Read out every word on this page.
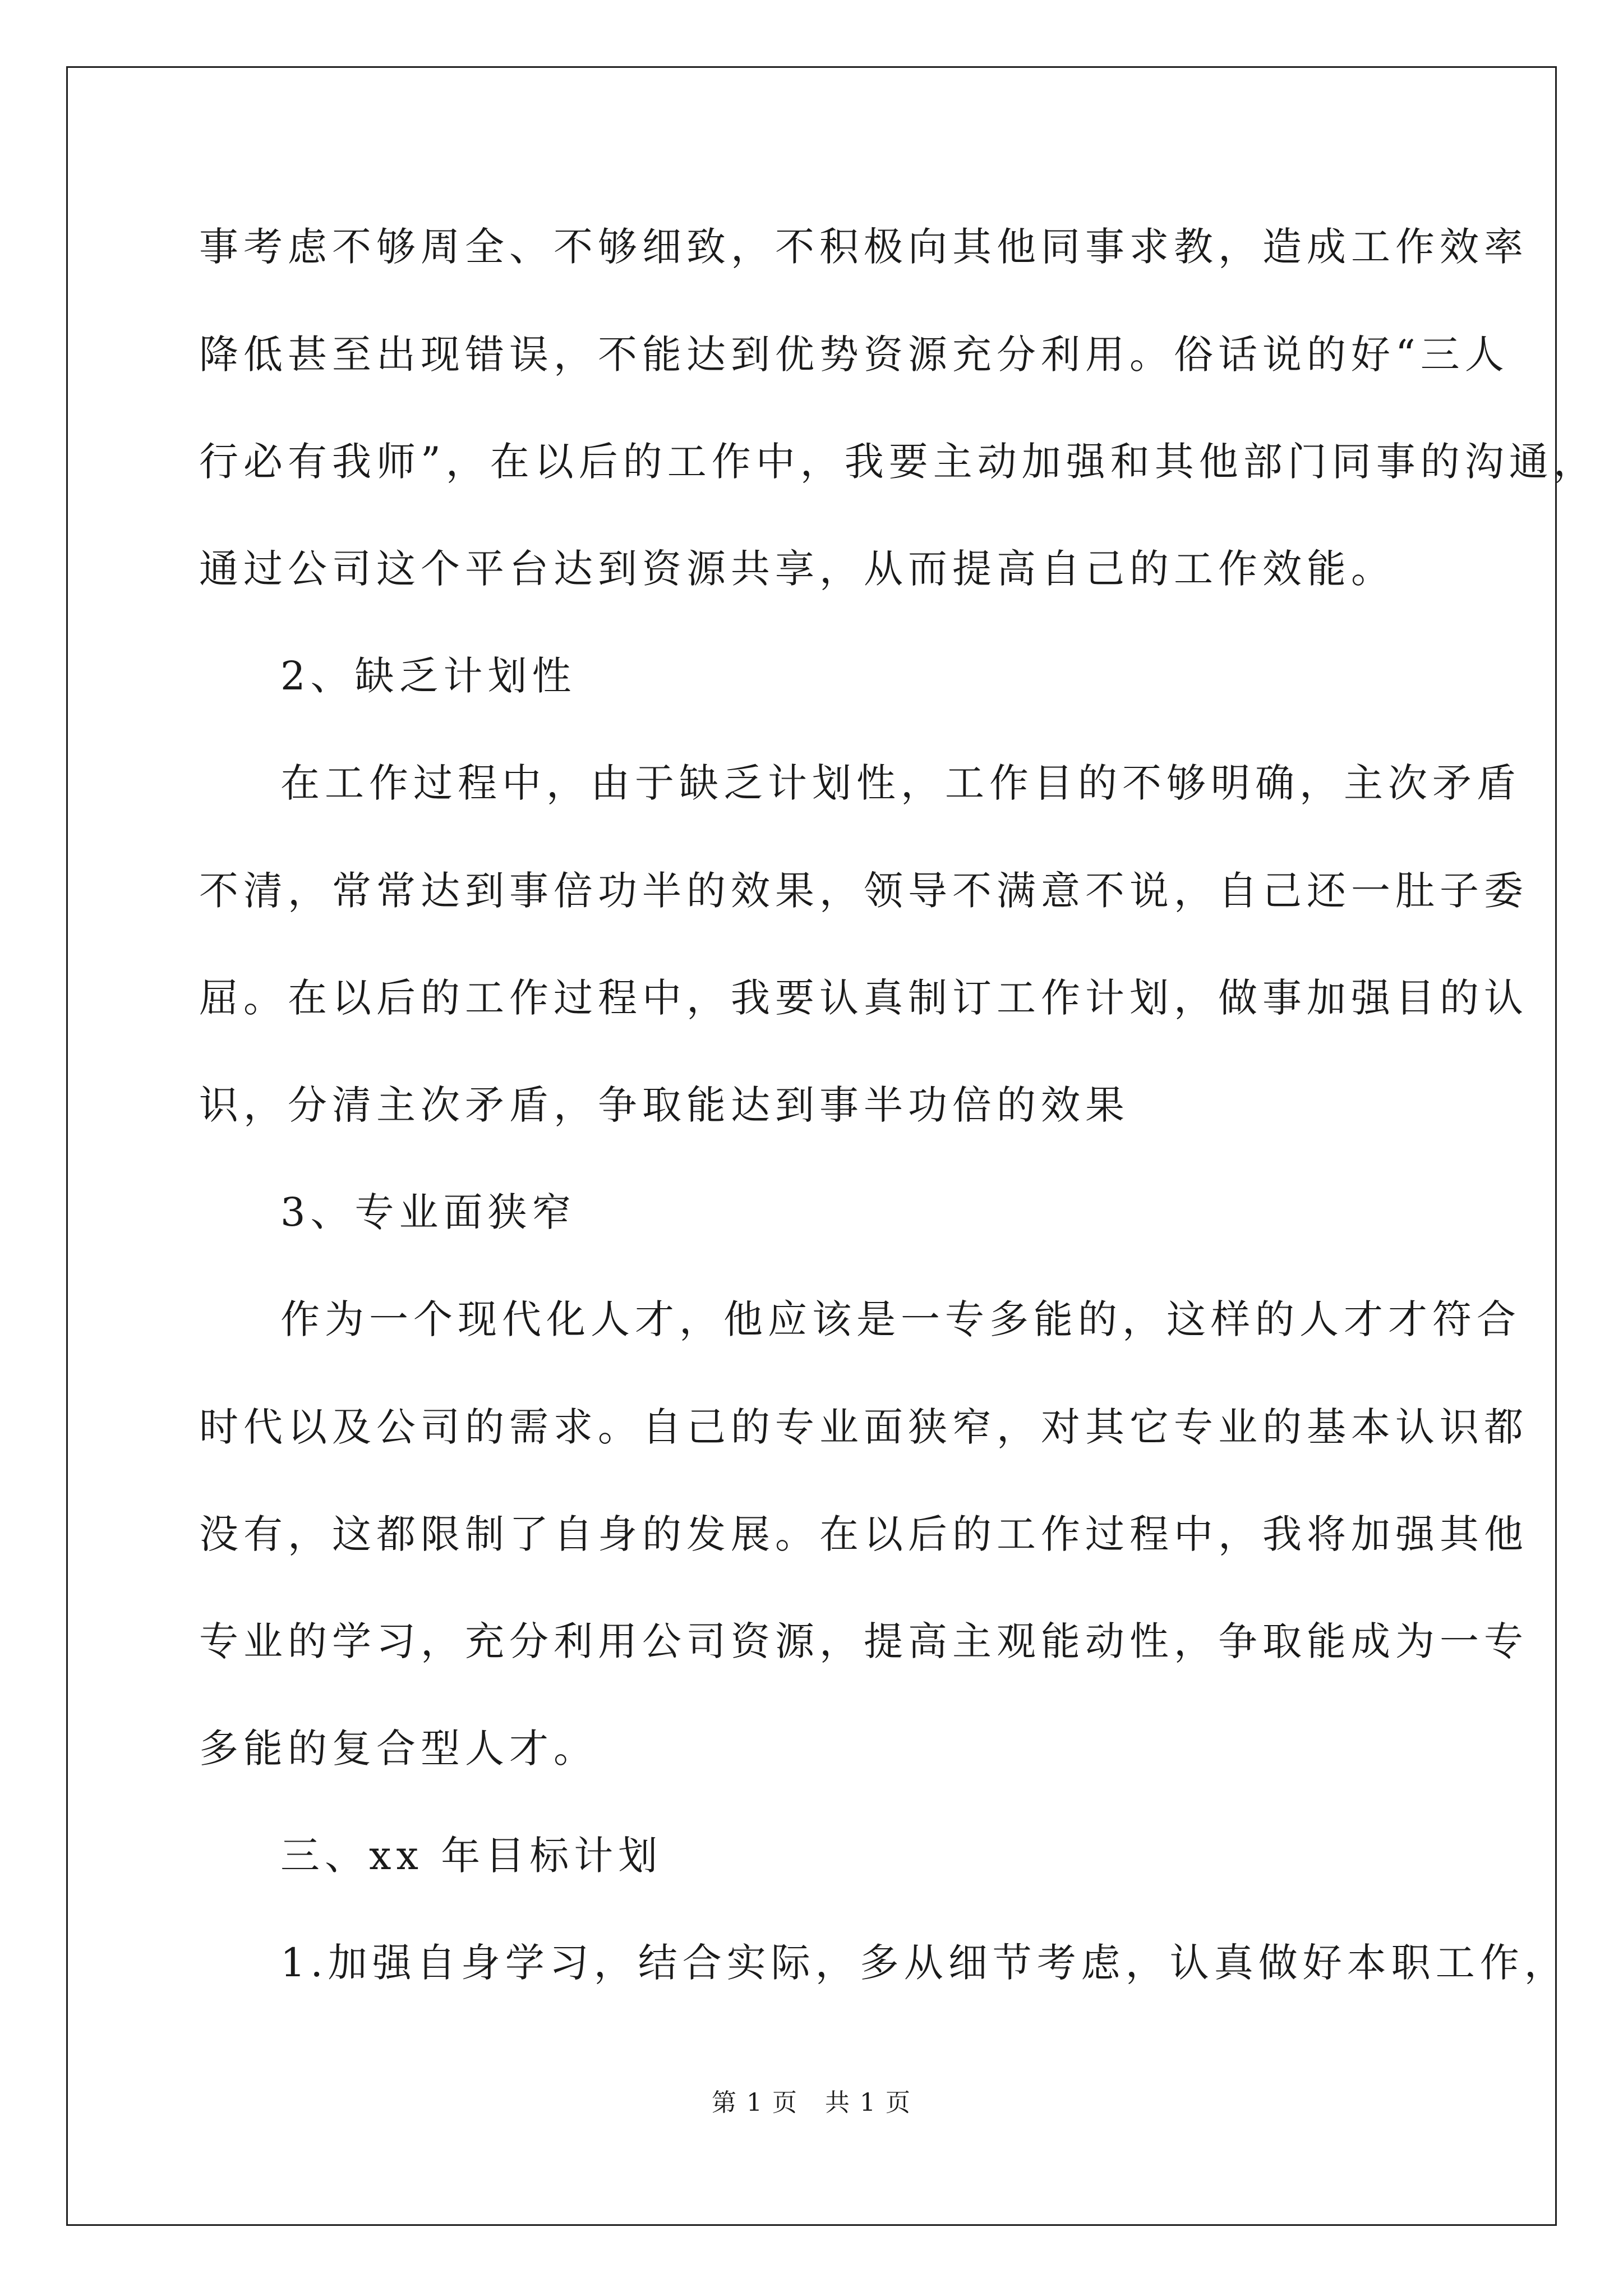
事考虑不够周全、不够细致，不积极向其他同事求教，造成工作效率
降低甚至出现错误，不能达到优势资源充分利用。俗话说的好“三人
行必有我师”，在以后的工作中，我要主动加强和其他部门同事的沟通，
通过公司这个平台达到资源共享，从而提高自己的工作效能。
2、缺乏计划性
在工作过程中，由于缺乏计划性，工作目的不够明确，主次矛盾
不清，常常达到事倍功半的效果，领导不满意不说，自己还一肚子委
屈。在以后的工作过程中，我要认真制订工作计划，做事加强目的认
识，分清主次矛盾，争取能达到事半功倍的效果
3、专业面狭窄
作为一个现代化人才，他应该是一专多能的，这样的人才才符合
时代以及公司的需求。自己的专业面狭窄，对其它专业的基本认识都
没有，这都限制了自身的发展。在以后的工作过程中，我将加强其他
专业的学习，充分利用公司资源，提高主观能动性，争取能成为一专
多能的复合型人才。
三、xx 年目标计划
1.加强自身学习，结合实际，多从细节考虑，认真做好本职工作，
第 1 页   共 1 页
